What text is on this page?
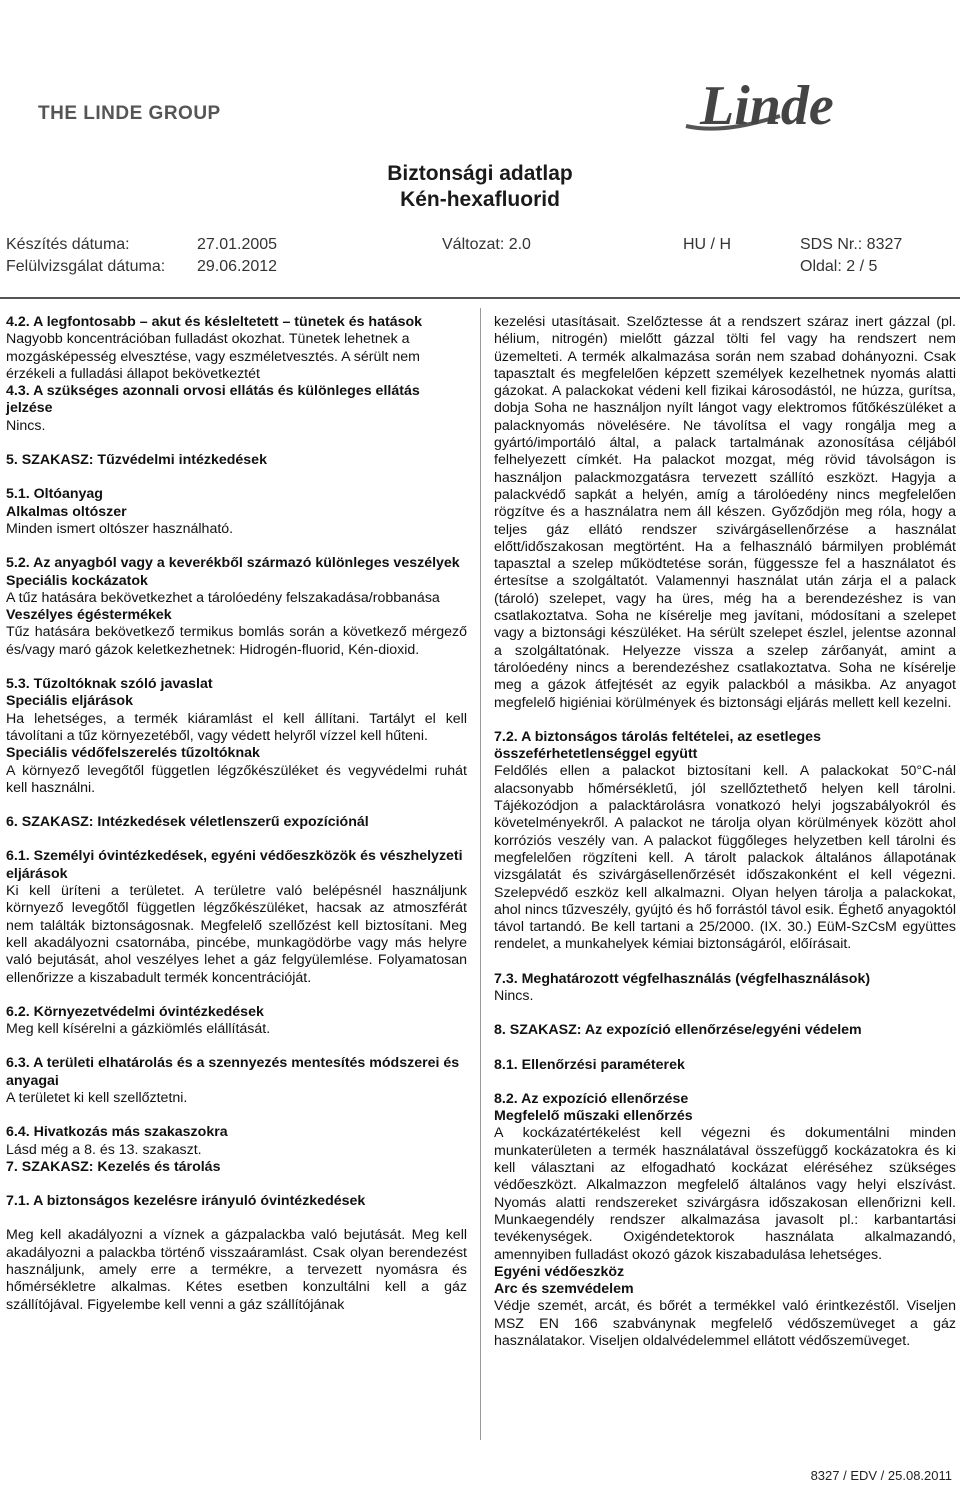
THE LINDE GROUP	Linde
Biztonsági adatlap
Kén-hexafluorid
Készítés dátuma:	27.01.2005
Felülvizsgálat dátuma: 29.06.2012
Változat: 2.0	HU / H	SDS Nr.: 8327
Oldal: 2 / 5

4.2. A legfontosabb – akut és késleltetett – tünetek és hatások

Nagyobb koncentrációban fulladást okozhat. Tünetek lehetnek a mozgásképesség elvesztése, vagy eszméletvesztés. A sérült nem érzékeli a fulladási állapot bekövetkeztét

4.3. A szükséges azonnali orvosi ellátás és különleges ellátás jelzése

Nincs.

5. SZAKASZ: Tűzvédelmi intézkedések

5.1. Oltóanyag

Alkalmas oltószer

Minden ismert oltószer használható.

5.2. Az anyagból vagy a keverékből származó különleges veszélyek

Speciális kockázatok

A tűz hatására bekövetkezhet a tárolóedény felszakadása/robbanása

Veszélyes égéstermékek

Tűz hatására bekövetkező termikus bomlás során a következő mérgező és/vagy maró gázok keletkezhetnek: Hidrogén-fluorid, Kén-dioxid.

5.3. Tűzoltóknak szóló javaslat

Speciális eljárások

Ha lehetséges, a termék kiáramlást el kell állítani. Tartályt el kell távolítani a tűz környezetéből, vagy védett helyről vízzel kell hűteni.

Speciális védőfelszerelés tűzoltóknak

A környező levegőtől független légzőkészüléket és vegyvédelmi ruhát kell használni.

6. SZAKASZ: Intézkedések véletlenszerű expozíciónál

6.1. Személyi óvintézkedések, egyéni védőeszközök és vészhelyzeti eljárások

Ki kell üríteni a területet. A területre való belépésnél használjunk környező levegőtől független légzőkészüléket, hacsak az atmoszférát nem találták biztonságosnak. Megfelelő szellőzést kell biztosítani. Meg kell akadályozni csatornába, pincébe, munkagödörbe vagy más helyre való bejutását, ahol veszélyes lehet a gáz felgyülemlése. Folyamatosan ellenőrizze a kiszabadult termék koncentrációját.

6.2. Környezetvédelmi óvintézkedések

Meg kell kísérelni a gázkiömlés elállítását.

6.3. A területi elhatárolás és a szennyezés mentesítés módszerei és anyagai

A területet ki kell szellőztetni.

6.4. Hivatkozás más szakaszokra

Lásd még a 8. és 13. szakaszt.

7. SZAKASZ: Kezelés és tárolás

7.1. A biztonságos kezelésre irányuló óvintézkedések

Meg kell akadályozni a víznek a gázpalackba való bejutását. Meg kell akadályozni a palackba történő visszaáramlást. Csak olyan berendezést használjunk, amely erre a termékre, a tervezett nyomásra és hőmérsékletre alkalmas. Kétes esetben konzultálni kell a gáz szállítójával. Figyelembe kell venni a gáz szállítójának

kezelési utasításait. Szelőztesse át a rendszert száraz inert gázzal (pl. hélium, nitrogén) mielőtt gázzal tölti fel vagy ha rendszert nem üzemelteti. A termék alkalmazása során nem szabad dohányozni. Csak tapasztalt és megfelelően képzett személyek kezelhetnek nyomás alatti gázokat. A palackokat védeni kell fizikai károsodástól, ne húzza, gurítsa, dobja Soha ne használjon nyílt lángot vagy elektromos fűtőkészüléket a palacknyomás növelésére. Ne távolítsa el vagy rongálja meg a gyártó/importáló által, a palack tartalmának azonosítása céljából felhelyezett címkét. Ha palackot mozgat, még rövid távolságon is használjon palackmozgatásra tervezett szállító eszközt. Hagyja a palackvédő sapkát a helyén, amíg a tárolóedény nincs megfelelően rögzítve és a használatra nem áll készen. Győződjön meg róla, hogy a teljes gáz ellátó rendszer szivárgásellenőrzése a használat előtt/időszakosan megtörtént. Ha a felhasználó bármilyen problémát tapasztal a szelep működtetése során, függessze fel a használatot és értesítse a szolgáltatót. Valamennyi használat után zárja el a palack (tároló) szelepet, vagy ha üres, még ha a berendezéshez is van csatlakoztatva. Soha ne kísérelje meg javítani, módosítani a szelepet vagy a biztonsági készüléket. Ha sérült szelepet észlel, jelentse azonnal a szolgáltatónak. Helyezze vissza a szelep zárőanyát, amint a tárolóedény nincs a berendezéshez csatlakoztatva. Soha ne kísérelje meg a gázok átfejtését az egyik palackból a másikba. Az anyagot megfelelő higiéniai körülmények és biztonsági eljárás mellett kell kezelni.

7.2. A biztonságos tárolás feltételei, az esetleges összeférhetetlenséggel együtt

Feldőlés ellen a palackot biztosítani kell. A palackokat 50°C-nál alacsonyabb hőmérsékletű, jól szellőztethető helyen kell tárolni. Tájékozódjon a palacktárolásra vonatkozó helyi jogszabályokról és követelményekről. A palackot ne tárolja olyan körülmények között ahol korróziós veszély van. A palackot függőleges helyzetben kell tárolni és megfelelően rögzíteni kell. A tárolt palackok általános állapotának vizsgálatát és szivárgásellenőrzését időszakonként el kell végezni. Szelepvédő eszköz kell alkalmazni. Olyan helyen tárolja a palackokat, ahol nincs tűzveszély, gyújtó és hő forrástól távol esik. Éghető anyagoktól távol tartandó. Be kell tartani a 25/2000. (IX. 30.) EüM-SzCsM együttes rendelet, a munkahelyek kémiai biztonságáról, előírásait.

7.3. Meghatározott végfelhasználás (végfelhasználások)

Nincs.

8. SZAKASZ: Az expozíció ellenőrzése/egyéni védelem

8.1. Ellenőrzési paraméterek

8.2. Az expozíció ellenőrzése

Megfelelő műszaki ellenőrzés

A kockázatértékelést kell végezni és dokumentálni minden munkaterületen a termék használatával összefüggő kockázatokra és ki kell választani az elfogadható kockázat eléréséhez szükséges védőeszközt. Alkalmazzon megfelelő általános vagy helyi elszívást. Nyomás alatti rendszereket szivárgásra időszakosan ellenőrizni kell. Munkaegendély rendszer alkalmazása javasolt pl.: karbantartási tevékenységek. Oxigéndetektorok használata alkalmazandó, amennyiben fulladást okozó gázok kiszabadulása lehetséges.

Egyéni védőeszköz

Arc és szemvédelem

Védje szemét, arcát, és bőrét a termékkel való érintkezéstől. Viseljen MSZ EN 166 szabványnak megfelelő védőszemüveget a gáz használatakor. Viseljen oldalvédelemmel ellátott védőszemüveget.

8327 / EDV / 25.08.2011
